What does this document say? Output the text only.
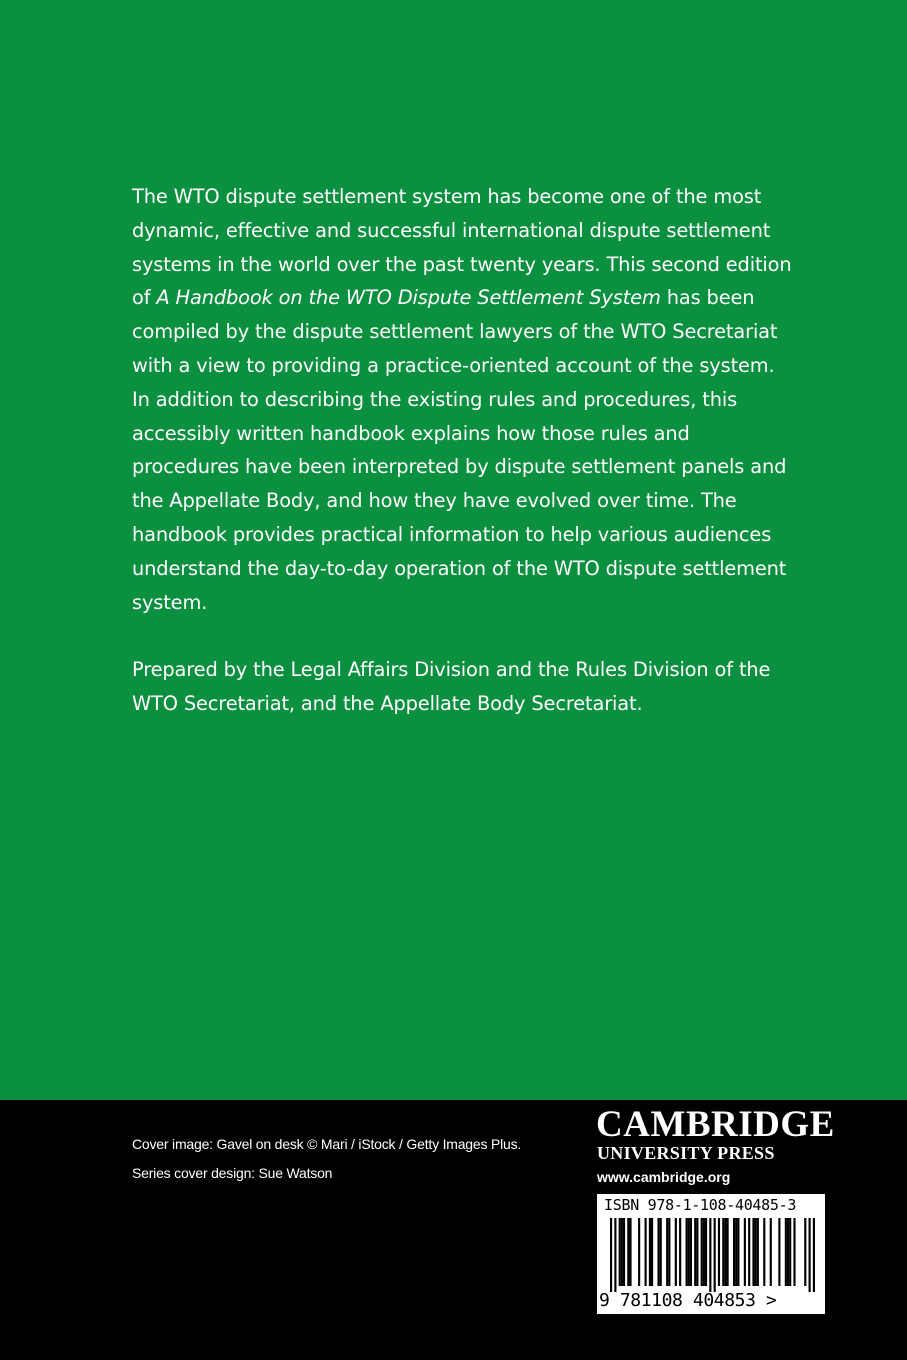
The WTO dispute settlement system has become one of the most dynamic, effective and successful international dispute settlement systems in the world over the past twenty years. This second edition of A Handbook on the WTO Dispute Settlement System has been compiled by the dispute settlement lawyers of the WTO Secretariat with a view to providing a practice-oriented account of the system. In addition to describing the existing rules and procedures, this accessibly written handbook explains how those rules and procedures have been interpreted by dispute settlement panels and the Appellate Body, and how they have evolved over time. The handbook provides practical information to help various audiences understand the day-to-day operation of the WTO dispute settlement system.

Prepared by the Legal Affairs Division and the Rules Division of the WTO Secretariat, and the Appellate Body Secretariat.

Cover image: Gavel on desk © Mari / iStock / Getty Images Plus.
Series cover design: Sue Watson
CAMBRIDGE
UNIVERSITY PRESS
www.cambridge.org
ISBN 978-1-108-40485-3
9 781108 404853 >
